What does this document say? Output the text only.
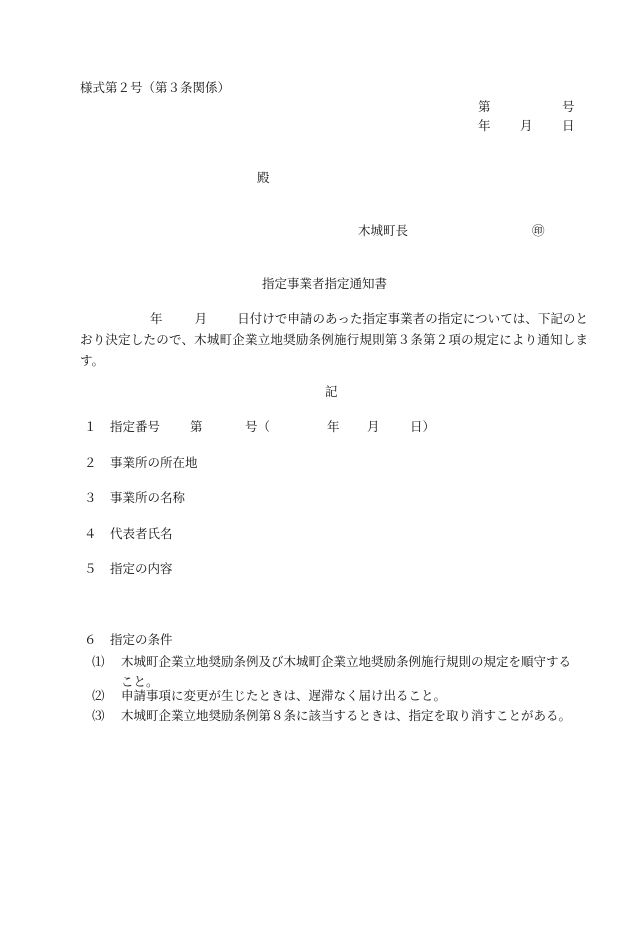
様式第２号（第３条関係）
第	号
年 月 日
殿
木城町長	㊞
指定事業者指定通知書
年	月 日付けで申請のあった指定事業者の指定については、下記のとおり決定したので、木城町企業立地奨励条例施行規則第３条第２項の規定により通知します。
記
１ 指定番号 第	号（	年 月 日）
２ 事業所の所在地
３ 事業所の名称
４ 代表者氏名
５ 指定の内容
６ 指定の条件
⑴ 木城町企業立地奨励条例及び木城町企業立地奨励条例施行規則の規定を順守すること。
⑵ 申請事項に変更が生じたときは、遅滞なく届け出ること。
⑶ 木城町企業立地奨励条例第８条に該当するときは、指定を取り消すことがある。
